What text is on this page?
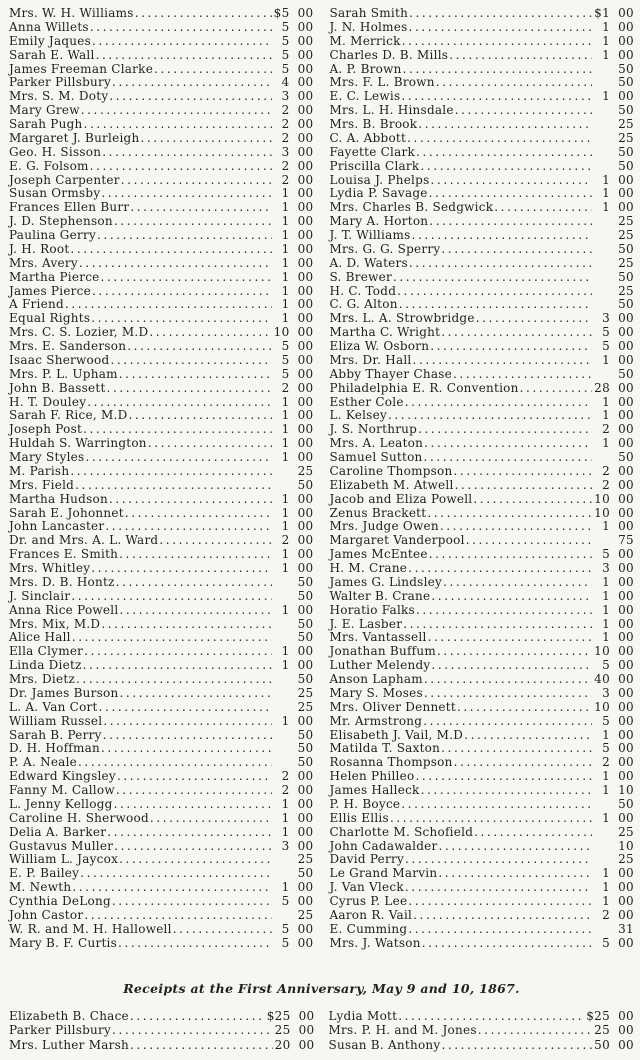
Mrs. W. H. Williams .....	$5 00
Anna Willets .....	5 00
Emily Jaques .....	5 00
Sarah E. Wall .....	5 00
James Freeman Clarke .....	5 00
Parker Pillsbury .....	4 00
Mrs. S. M. Doty .....	3 00
Mary Grew .....	2 00
Sarah Pugh .....	2 00
Margaret J. Burleigh .....	2 00
Geo. H. Sisson .....	3 00
E. G. Folsom .....	2 00
Joseph Carpenter .....	2 00
Susan Ormsby .....	1 00
Frances Ellen Burr .....	1 00
J. D. Stephenson .....	1 00
Paulina Gerry .....	1 00
J. H. Root .....	1 00
Mrs. Avery .....	1 00
Martha Pierce .....	1 00
James Pierce .....	1 00
A Friend .....	1 00
Equal Rights .....	1 00
Mrs. C. S. Lozier, M.D .....	10 00
Mrs. E. Sanderson .....	5 00
Isaac Sherwood .....	5 00
Mrs. P. L. Upham .....	5 00
John B. Bassett .....	2 00
H. T. Douley .....	1 00
Sarah F. Rice, M.D .....	1 00
Joseph Post .....	1 00
Huldah S. Warrington .....	1 00
Mary Styles .....	1 00
M. Parish .....	25
Mrs. Field .....	50
Martha Hudson .....	1 00
Sarah E. Johonnet .....	1 00
John Lancaster .....	1 00
Dr. and Mrs. A. L. Ward .....	2 00
Frances E. Smith .....	1 00
Mrs. Whitley .....	1 00
Mrs. D. B. Hontz .....	50
J. Sinclair .....	50
Anna Rice Powell .....	1 00
Mrs. Mix, M.D .....	50
Alice Hall .....	50
Ella Clymer .....	1 00
Linda Dietz .....	1 00
Mrs. Dietz .....	50
Dr. James Burson .....	25
L. A. Van Cort .....	25
William Russel .....	1 00
Sarah B. Perry .....	50
D. H. Hoffman .....	50
P. A. Neale .....	50
Edward Kingsley .....	2 00
Fanny M. Callow .....	2 00
L. Jenny Kellogg .....	1 00
Caroline H. Sherwood .....	1 00
Delia A. Barker .....	1 00
Gustavus Muller .....	3 00
William L. Jaycox .....	25
E. P. Bailey .....	50
M. Newth .....	1 00
Cynthia DeLong .....	5 00
John Castor .....	25
W. R. and M. H. Hallowell .....	5 00
Mary B. F. Curtis .....	5 00
Sarah Smith .....	$1 00
J. N. Holmes .....	1 00
M. Merrick .....	1 00
Charles D. B. Mills .....	1 00
A. P. Brown .....	50
Mrs. F. L. Brown .....	50
E. C. Lewis .....	1 00
Mrs. L. H. Hinsdale .....	50
Mrs. B. Brook .....	25
C. A. Abbott .....	25
Fayette Clark .....	50
Priscilla Clark .....	50
Louisa J. Phelps .....	1 00
Lydia P. Savage .....	1 00
Mrs. Charles B. Sedgwick .....	1 00
Mary A. Horton .....	25
J. T. Williams .....	25
Mrs. G. G. Sperry .....	50
A. D. Waters .....	25
S. Brewer .....	50
H. C. Todd .....	25
C. G. Alton .....	50
Mrs. L. A. Strowbridge .....	3 00
Martha C. Wright .....	5 00
Eliza W. Osborn .....	5 00
Mrs. Dr. Hall .....	1 00
Abby Thayer Chase .....	50
Philadelphia E. R. Convention .....	28 00
Esther Cole .....	1 00
L. Kelsey .....	1 00
J. S. Northrup .....	2 00
Mrs. A. Leaton .....	1 00
Samuel Sutton .....	50
Caroline Thompson .....	2 00
Elizabeth M. Atwell .....	2 00
Jacob and Eliza Powell .....	10 00
Zenus Brackett .....	10 00
Mrs. Judge Owen .....	1 00
Margaret Vanderpool .....	75
James McEntee .....	5 00
H. M. Crane .....	3 00
James G. Lindsley .....	1 00
Walter B. Crane .....	1 00
Horatio Falks .....	1 00
J. E. Lasber .....	1 00
Mrs. Vantassell .....	1 00
Jonathan Buffum .....	10 00
Luther Melendy .....	5 00
Anson Lapham .....	40 00
Mary S. Moses .....	3 00
Mrs. Oliver Dennett .....	10 00
Mr. Armstrong .....	5 00
Elisabeth J. Vail, M.D .....	1 00
Matilda T. Saxton .....	5 00
Rosanna Thompson .....	2 00
Helen Philleo .....	1 00
James Halleck .....	1 10
P. H. Boyce .....	50
Ellis Ellis .....	1 00
Charlotte M. Schofield .....	25
John Cadawalder .....	10
David Perry .....	25
Le Grand Marvin .....	1 00
J. Van Vleck .....	1 00
Cyrus P. Lee .....	1 00
Aaron R. Vail .....	2 00
E. Cumming .....	31
Mrs. J. Watson .....	5 00
Receipts at the First Anniversary, May 9 and 10, 1867.
Elizabeth B. Chace .....	$25 00
Parker Pillsbury .....	25 00
Mrs. Luther Marsh .....	20 00
Lydia Mott .....	$25 00
Mrs. P. H. and M. Jones .....	25 00
Susan B. Anthony .....	50 00
